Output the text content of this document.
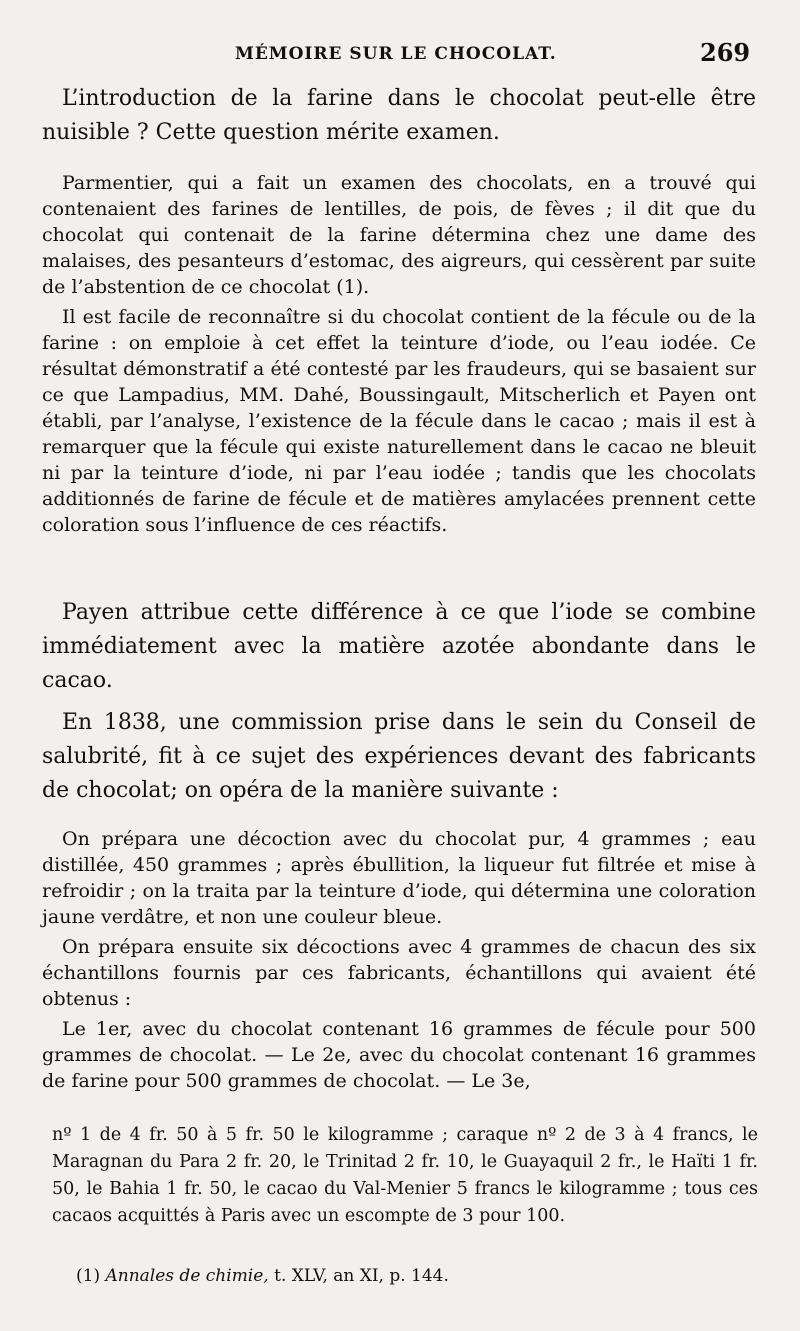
MÉMOIRE SUR LE CHOCOLAT.	269

L’introduction de la farine dans le chocolat peut-elle être nuisible ? Cette question mérite examen.

Parmentier, qui a fait un examen des chocolats, en a trouvé qui contenaient des farines de lentilles, de pois, de fèves ; il dit que du chocolat qui contenait de la farine détermina chez une dame des malaises, des pesanteurs d’estomac, des aigreurs, qui cessèrent par suite de l’abstention de ce chocolat (1).

Il est facile de reconnaître si du chocolat contient de la fécule ou de la farine : on emploie à cet effet la teinture d’iode, ou l’eau iodée. Ce résultat démonstratif a été contesté par les fraudeurs, qui se basaient sur ce que Lampadius, MM. Dahé, Boussingault, Mitscherlich et Payen ont établi, par l’analyse, l’existence de la fécule dans le cacao ; mais il est à remarquer que la fécule qui existe naturellement dans le cacao ne bleuit ni par la teinture d’iode, ni par l’eau iodée ; tandis que les chocolats additionnés de farine de fécule et de matières amylacées prennent cette coloration sous l’influence de ces réactifs.

Payen attribue cette différence à ce que l’iode se combine immédiatement avec la matière azotée abondante dans le cacao.

En 1838, une commission prise dans le sein du Conseil de salubrité, fit à ce sujet des expériences devant des fabricants de chocolat; on opéra de la manière suivante :

On prépara une décoction avec du chocolat pur, 4 grammes ; eau distillée, 450 grammes ; après ébullition, la liqueur fut filtrée et mise à refroidir ; on la traita par la teinture d’iode, qui détermina une coloration jaune verdâtre, et non une couleur bleue.

On prépara ensuite six décoctions avec 4 grammes de chacun des six échantillons fournis par ces fabricants, échantillons qui avaient été obtenus :

Le 1er, avec du chocolat contenant 16 grammes de fécule pour 500 grammes de chocolat. — Le 2e, avec du chocolat contenant 16 grammes de farine pour 500 grammes de chocolat. — Le 3e,

nº 1 de 4 fr. 50 à 5 fr. 50 le kilogramme ; caraque nº 2 de 3 à 4 francs, le Maragnan du Para 2 fr. 20, le Trinitad 2 fr. 10, le Guayaquil 2 fr., le Haïti 1 fr. 50, le Bahia 1 fr. 50, le cacao du Val-Menier 5 francs le kilogramme ; tous ces cacaos acquittés à Paris avec un escompte de 3 pour 100.

(1) Annales de chimie, t. XLV, an XI, p. 144.
